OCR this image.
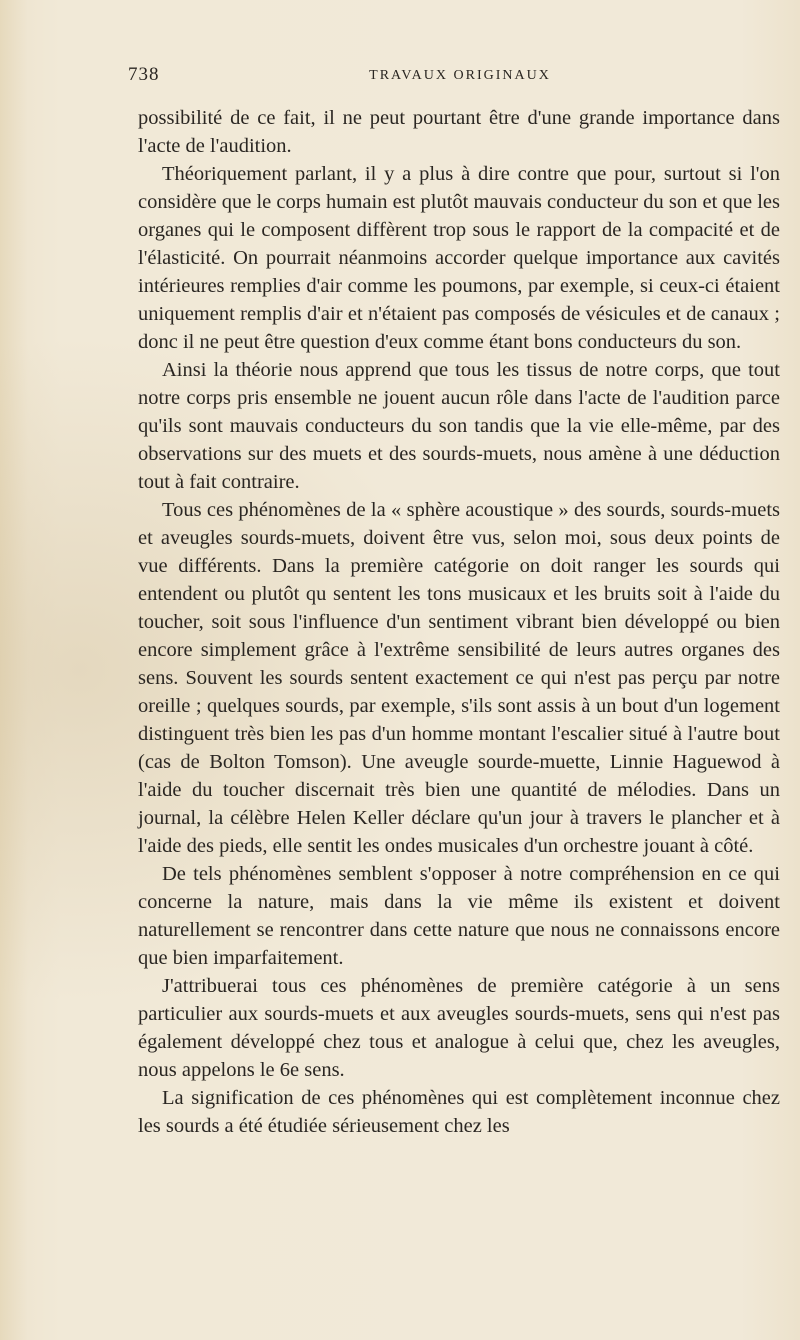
738	TRAVAUX ORIGINAUX

possibilité de ce fait, il ne peut pourtant être d'une grande importance dans l'acte de l'audition.

Théoriquement parlant, il y a plus à dire contre que pour, surtout si l'on considère que le corps humain est plutôt mauvais conducteur du son et que les organes qui le composent diffèrent trop sous le rapport de la compacité et de l'élasticité. On pourrait néanmoins accorder quelque importance aux cavités intérieures remplies d'air comme les poumons, par exemple, si ceux-ci étaient uniquement remplis d'air et n'étaient pas composés de vésicules et de canaux ; donc il ne peut être question d'eux comme étant bons conducteurs du son.

Ainsi la théorie nous apprend que tous les tissus de notre corps, que tout notre corps pris ensemble ne jouent aucun rôle dans l'acte de l'audition parce qu'ils sont mauvais conducteurs du son tandis que la vie elle-même, par des observations sur des muets et des sourds-muets, nous amène à une déduction tout à fait contraire.

Tous ces phénomènes de la « sphère acoustique » des sourds, sourds-muets et aveugles sourds-muets, doivent être vus, selon moi, sous deux points de vue différents. Dans la première catégorie on doit ranger les sourds qui entendent ou plutôt qu sentent les tons musicaux et les bruits soit à l'aide du toucher, soit sous l'influence d'un sentiment vibrant bien développé ou bien encore simplement grâce à l'extrême sensibilité de leurs autres organes des sens. Souvent les sourds sentent exactement ce qui n'est pas perçu par notre oreille ; quelques sourds, par exemple, s'ils sont assis à un bout d'un logement distinguent très bien les pas d'un homme montant l'escalier situé à l'autre bout (cas de Bolton Tomson). Une aveugle sourde-muette, Linnie Haguewod à l'aide du toucher discernait très bien une quantité de mélodies. Dans un journal, la célèbre Helen Keller déclare qu'un jour à travers le plancher et à l'aide des pieds, elle sentit les ondes musicales d'un orchestre jouant à côté.

De tels phénomènes semblent s'opposer à notre compréhension en ce qui concerne la nature, mais dans la vie même ils existent et doivent naturellement se rencontrer dans cette nature que nous ne connaissons encore que bien imparfaitement.

J'attribuerai tous ces phénomènes de première catégorie à un sens particulier aux sourds-muets et aux aveugles sourds-muets, sens qui n'est pas également développé chez tous et analogue à celui que, chez les aveugles, nous appelons le 6e sens.

La signification de ces phénomènes qui est complètement inconnue chez les sourds a été étudiée sérieusement chez les
